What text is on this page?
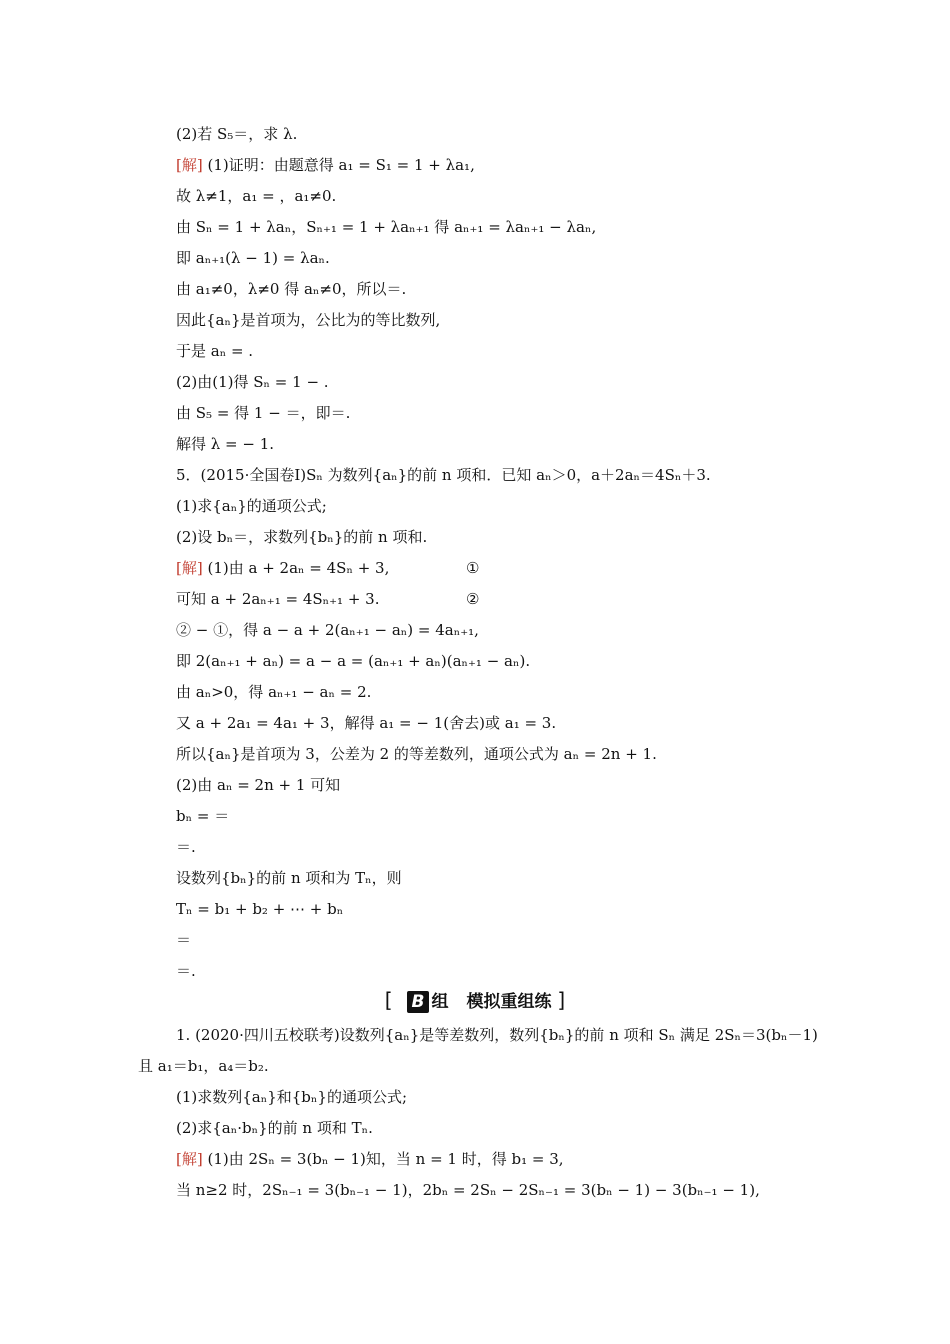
[ B 组 模拟重组练 ]
(2)若 S₅＝，求 λ.
[解] (1)证明：由题意得 a₁ = S₁ = 1 + λa₁,
故 λ≠1，a₁ = ，a₁≠0.
由 Sₙ = 1 + λaₙ，Sₙ₊₁ = 1 + λaₙ₊₁ 得 aₙ₊₁ = λaₙ₊₁ − λaₙ,
即 aₙ₊₁(λ − 1) = λaₙ.
由 a₁≠0，λ≠0 得 aₙ≠0，所以＝.
因此{aₙ}是首项为，公比为的等比数列,
于是 aₙ = .
(2)由(1)得 Sₙ = 1 − .
由 S₅ = 得 1 − ＝，即＝.
解得 λ = − 1.
5．(2015·全国卷Ⅰ)Sₙ 为数列{aₙ}的前 n 项和．已知 aₙ＞0，a＋2aₙ＝4Sₙ＋3.
(1)求{aₙ}的通项公式;
(2)设 bₙ＝，求数列{bₙ}的前 n 项和.
[解] (1)由 a + 2aₙ = 4Sₙ + 3,	①
可知 a + 2aₙ₊₁ = 4Sₙ₊₁ + 3.	②
② − ①，得 a − a + 2(aₙ₊₁ − aₙ) = 4aₙ₊₁,
即 2(aₙ₊₁ + aₙ) = a − a = (aₙ₊₁ + aₙ)(aₙ₊₁ − aₙ).
由 aₙ>0，得 aₙ₊₁ − aₙ = 2.
又 a + 2a₁ = 4a₁ + 3，解得 a₁ = − 1(舍去)或 a₁ = 3.
所以{aₙ}是首项为 3，公差为 2 的等差数列，通项公式为 aₙ = 2n + 1.
(2)由 aₙ = 2n + 1 可知
bₙ = ＝
＝.
设数列{bₙ}的前 n 项和为 Tₙ，则
Tₙ = b₁ + b₂ + ⋯ + bₙ
＝
＝.
1. (2020·四川五校联考)设数列{aₙ}是等差数列，数列{bₙ}的前 n 项和 Sₙ 满足 2Sₙ＝3(bₙ－1)
且 a₁＝b₁，a₄＝b₂.
(1)求数列{aₙ}和{bₙ}的通项公式;
(2)求{aₙ·bₙ}的前 n 项和 Tₙ.
[解] (1)由 2Sₙ = 3(bₙ − 1)知，当 n = 1 时，得 b₁ = 3,
当 n≥2 时，2Sₙ₋₁ = 3(bₙ₋₁ − 1)，2bₙ = 2Sₙ − 2Sₙ₋₁ = 3(bₙ − 1) − 3(bₙ₋₁ − 1),
